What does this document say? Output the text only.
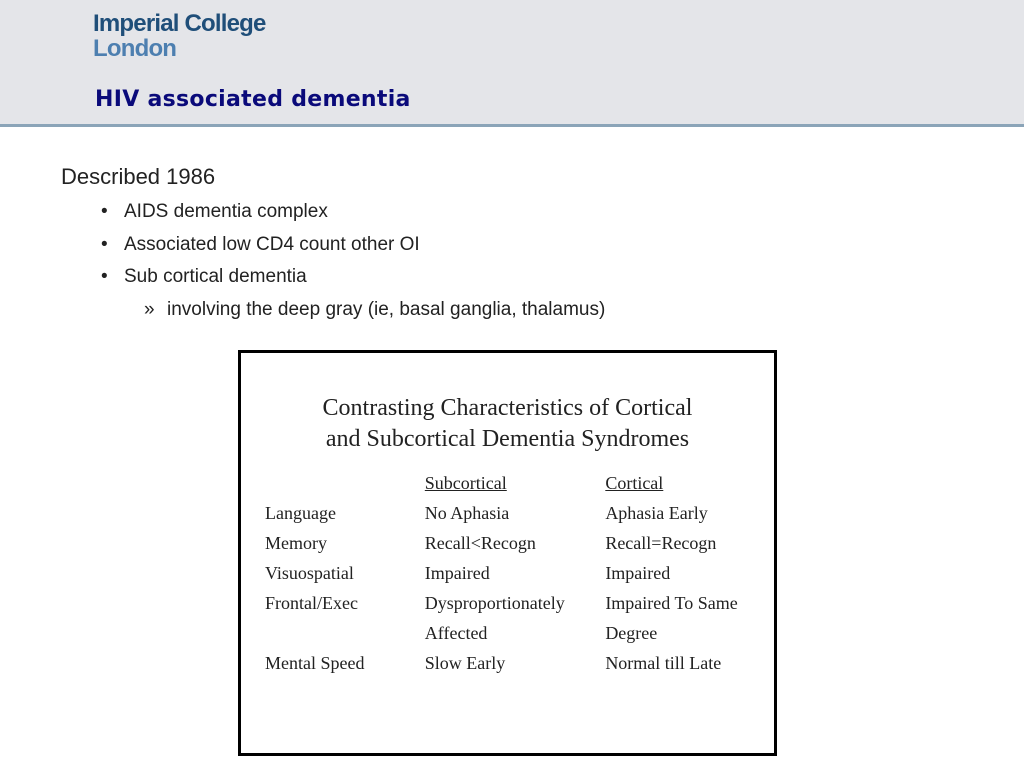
Imperial College
London
HIV associated dementia

Described 1986

• AIDS dementia complex
• Associated low CD4 count other OI
• Sub cortical dementia
» involving the deep gray (ie, basal ganglia, thalamus)

Contrasting Characteristics of Cortical
and Subcortical Dementia Syndromes

	Subcortical	Cortical
Language	No Aphasia	Aphasia Early
Memory	Recall<Recogn	Recall=Recogn
Visuospatial	Impaired	Impaired
Frontal/Exec	Dysproportionately	Impaired To Same
	Affected	Degree
Mental Speed	Slow Early	Normal till Late
